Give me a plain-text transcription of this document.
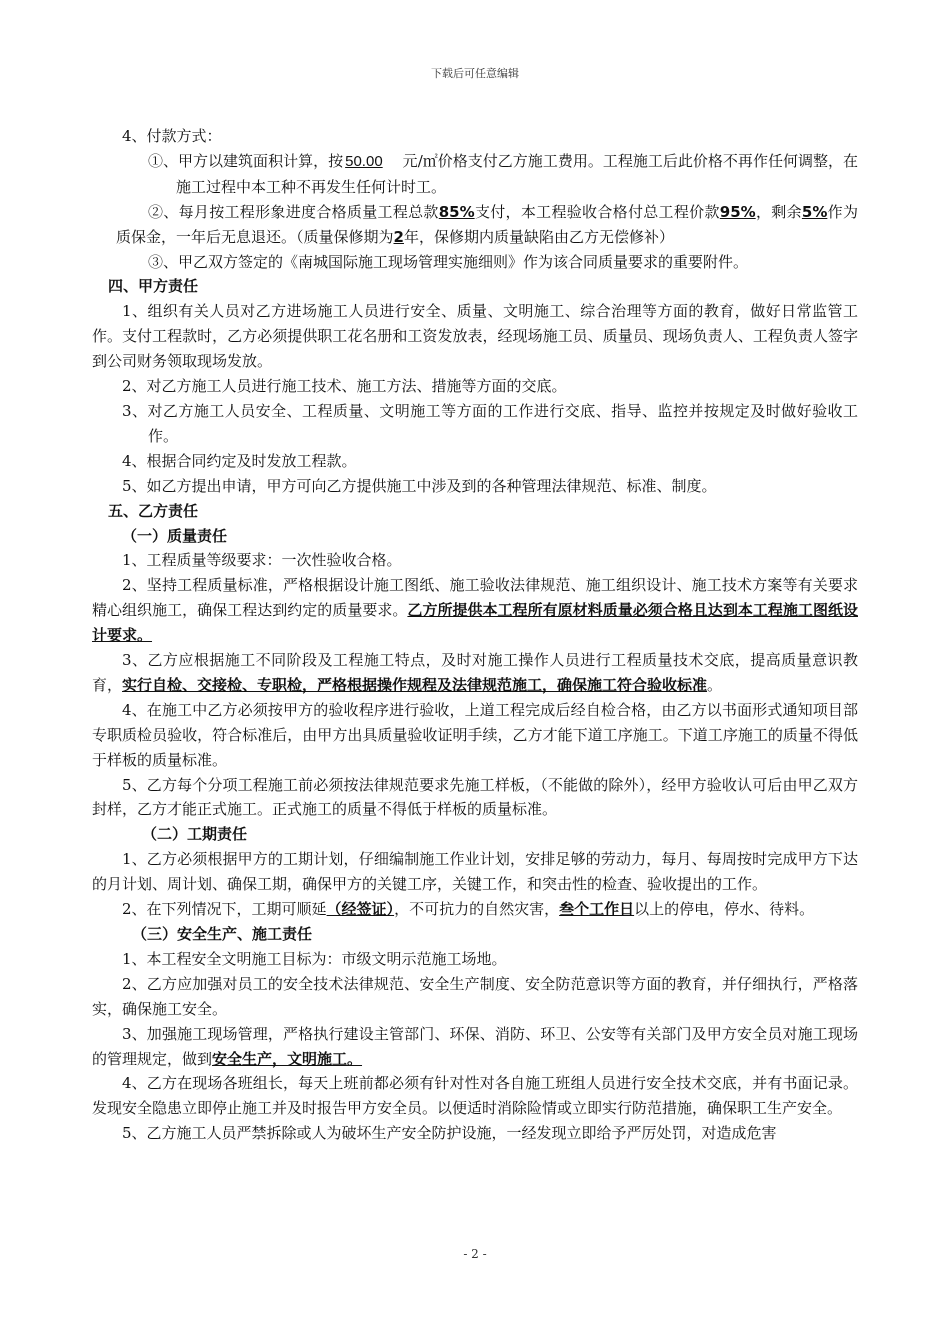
下载后可任意编辑

4、付款方式：

①、甲方以建筑面积计算，按 50.00 元/㎡价格支付乙方施工费用。工程施工后此价格不再作任何调整，在施工过程中本工种不再发生任何计时工。

②、每月按工程形象进度合格质量工程总款85%支付，本工程验收合格付总工程价款95%，剩余5%作为质保金，一年后无息退还。（质量保修期为2年，保修期内质量缺陷由乙方无偿修补）

③、甲乙双方签定的《南城国际施工现场管理实施细则》作为该合同质量要求的重要附件。

四、甲方责任

1、组织有关人员对乙方进场施工人员进行安全、质量、文明施工、综合治理等方面的教育，做好日常监管工作。支付工程款时，乙方必须提供职工花名册和工资发放表，经现场施工员、质量员、现场负责人、工程负责人签字到公司财务领取现场发放。

2、对乙方施工人员进行施工技术、施工方法、措施等方面的交底。

3、对乙方施工人员安全、工程质量、文明施工等方面的工作进行交底、指导、监控并按规定及时做好验收工作。

4、根据合同约定及时发放工程款。

5、如乙方提出申请，甲方可向乙方提供施工中涉及到的各种管理法律规范、标准、制度。

五、乙方责任

（一）质量责任

1、工程质量等级要求：一次性验收合格。

2、坚持工程质量标准，严格根据设计施工图纸、施工验收法律规范、施工组织设计、施工技术方案等有关要求精心组织施工，确保工程达到约定的质量要求。乙方所提供本工程所有原材料质量必须合格且达到本工程施工图纸设计要求。

3、乙方应根据施工不同阶段及工程施工特点，及时对施工操作人员进行工程质量技术交底，提高质量意识教育，实行自检、交接检、专职检，严格根据操作规程及法律规范施工，确保施工符合验收标准。

4、在施工中乙方必须按甲方的验收程序进行验收，上道工程完成后经自检合格，由乙方以书面形式通知项目部专职质检员验收，符合标准后，由甲方出具质量验收证明手续，乙方才能下道工序施工。下道工序施工的质量不得低于样板的质量标准。

5、乙方每个分项工程施工前必须按法律规范要求先施工样板，（不能做的除外），经甲方验收认可后由甲乙双方封样，乙方才能正式施工。正式施工的质量不得低于样板的质量标准。

（二）工期责任

1、乙方必须根据甲方的工期计划，仔细编制施工作业计划，安排足够的劳动力，每月、每周按时完成甲方下达的月计划、周计划、确保工期，确保甲方的关键工序，关键工作，和突击性的检查、验收提出的工作。

2、在下列情况下，工期可顺延（经签证），不可抗力的自然灾害，叁个工作日以上的停电，停水、待料。

（三）安全生产、施工责任

1、本工程安全文明施工目标为：市级文明示范施工场地。

2、乙方应加强对员工的安全技术法律规范、安全生产制度、安全防范意识等方面的教育，并仔细执行，严格落实，确保施工安全。

3、加强施工现场管理，严格执行建设主管部门、环保、消防、环卫、公安等有关部门及甲方安全员对施工现场的管理规定，做到安全生产，文明施工。

4、乙方在现场各班组长，每天上班前都必须有针对性对各自施工班组人员进行安全技术交底，并有书面记录。发现安全隐患立即停止施工并及时报告甲方安全员。以便适时消除险情或立即实行防范措施，确保职工生产安全。

5、乙方施工人员严禁拆除或人为破坏生产安全防护设施，一经发现立即给予严厉处罚，对造成危害

- 2 -
